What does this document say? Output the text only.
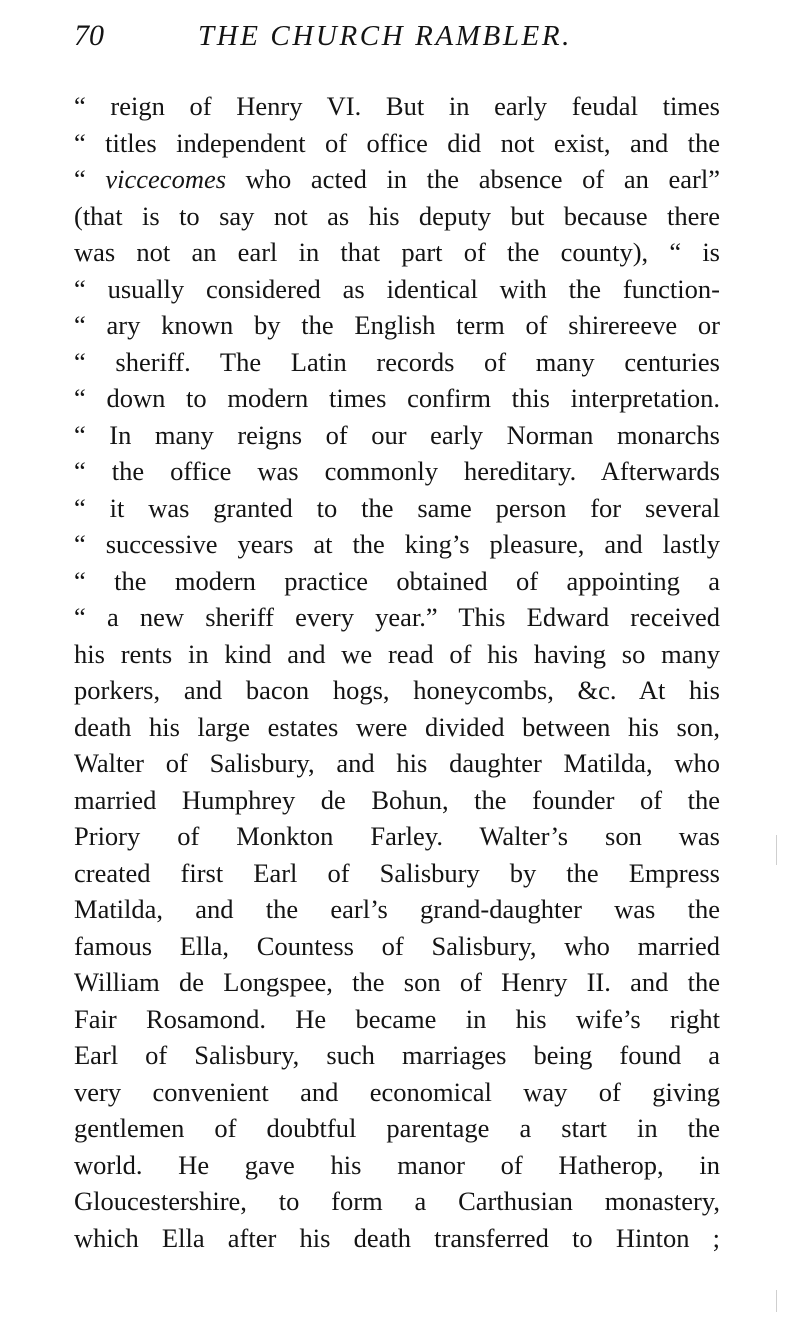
70	THE CHURCH RAMBLER.
“ reign of Henry VI. But in early feudal times
“ titles independent of office did not exist, and the
“ viccecomes who acted in the absence of an earl”
(that is to say not as his deputy but because there
was not an earl in that part of the county), “ is
“ usually considered as identical with the function-
“ ary known by the English term of shirereeve or
“ sheriff. The Latin records of many centuries
“ down to modern times confirm this interpretation.
“ In many reigns of our early Norman monarchs
“ the office was commonly hereditary. Afterwards
“ it was granted to the same person for several
“ successive years at the king’s pleasure, and lastly
“ the modern practice obtained of appointing a
“ a new sheriff every year.” This Edward received
his rents in kind and we read of his having so many
porkers, and bacon hogs, honeycombs, &c. At his
death his large estates were divided between his son,
Walter of Salisbury, and his daughter Matilda, who
married Humphrey de Bohun, the founder of the
Priory of Monkton Farley. Walter’s son was
created first Earl of Salisbury by the Empress
Matilda, and the earl’s grand-daughter was the
famous Ella, Countess of Salisbury, who married
William de Longspee, the son of Henry II. and the
Fair Rosamond. He became in his wife’s right
Earl of Salisbury, such marriages being found a
very convenient and economical way of giving
gentlemen of doubtful parentage a start in the
world. He gave his manor of Hatherop, in
Gloucestershire, to form a Carthusian monastery,
which Ella after his death transferred to Hinton ;
